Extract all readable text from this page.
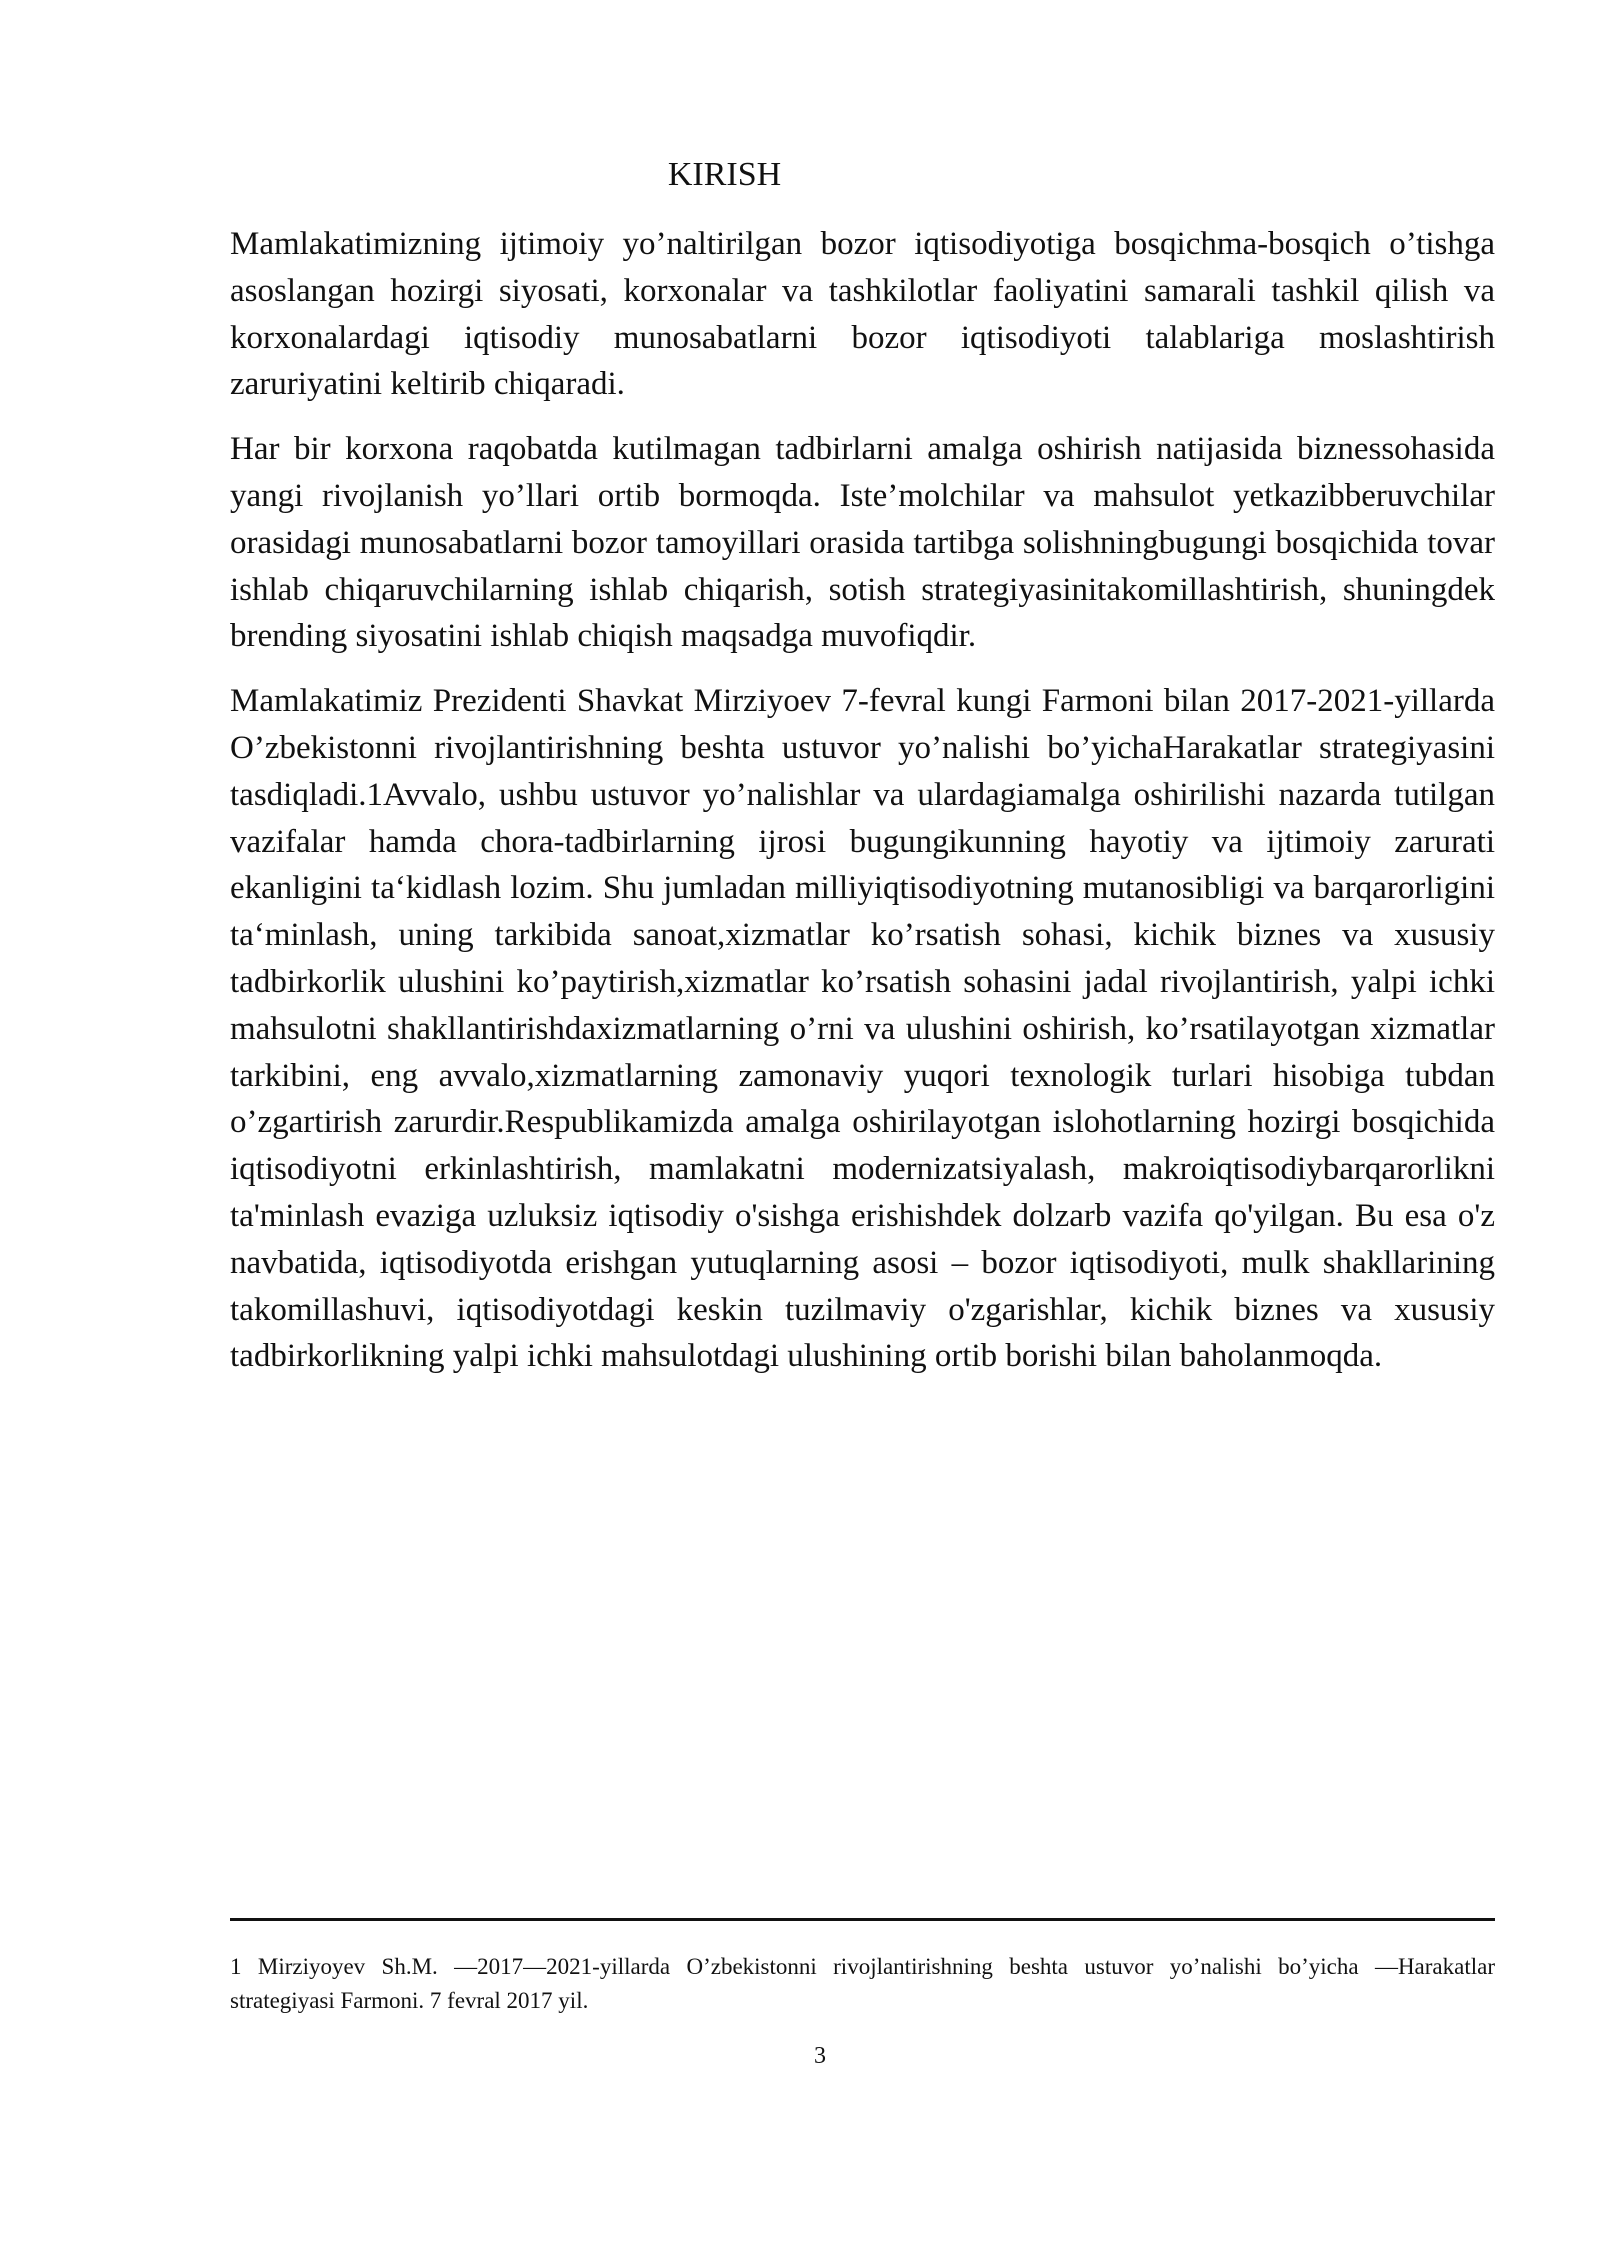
KIRISH

Mamlakatimizning ijtimoiy yo’naltirilgan bozor iqtisodiyotiga bosqichma-bosqich o’tishga asoslangan hozirgi siyosati, korxonalar va tashkilotlar faoliyatini samarali tashkil qilish va korxonalardagi iqtisodiy munosabatlarni bozor iqtisodiyoti talablariga moslashtirish zaruriyatini keltirib chiqaradi.

Har bir korxona raqobatda kutilmagan tadbirlarni amalga oshirish natijasida biznessohasida yangi rivojlanish yo’llari ortib bormoqda. Iste’molchilar va mahsulot yetkazibberuvchilar orasidagi munosabatlarni bozor tamoyillari orasida tartibga solishningbugungi bosqichida tovar ishlab chiqaruvchilarning ishlab chiqarish, sotish strategiyasinitakomillashtirish, shuningdek brending siyosatini ishlab chiqish maqsadga muvofiqdir.

Mamlakatimiz Prezidenti Shavkat Mirziyoev 7-fevral kungi Farmoni bilan 2017-2021-yillarda O’zbekistonni rivojlantirishning beshta ustuvor yo’nalishi bo’yichaHarakatlar strategiyasini tasdiqladi.1Avvalo, ushbu ustuvor yo’nalishlar va ulardagiamalga oshirilishi nazarda tutilgan vazifalar hamda chora-tadbirlarning ijrosi bugungikunning hayotiy va ijtimoiy zarurati ekanligini ta‘kidlash lozim. Shu jumladan milliyiqtisodiyotning mutanosibligi va barqarorligini ta‘minlash, uning tarkibida sanoat,xizmatlar ko’rsatish sohasi, kichik biznes va xususiy tadbirkorlik ulushini ko’paytirish,xizmatlar ko’rsatish sohasini jadal rivojlantirish, yalpi ichki mahsulotni shakllantirishdaxizmatlarning o’rni va ulushini oshirish, ko’rsatilayotgan xizmatlar tarkibini, eng avvalo,xizmatlarning zamonaviy yuqori texnologik turlari hisobiga tubdan o’zgartirish zarurdir.Respublikamizda amalga oshirilayotgan islohotlarning hozirgi bosqichida iqtisodiyotni erkinlashtirish, mamlakatni modernizatsiyalash, makroiqtisodiybarqarorlikni ta'minlash evaziga uzluksiz iqtisodiy o'sishga erishishdek dolzarb vazifa qo'yilgan. Bu esa o'z navbatida, iqtisodiyotda erishgan yutuqlarning asosi – bozor iqtisodiyoti, mulk shakllarining takomillashuvi, iqtisodiyotdagi keskin tuzilmaviy o'zgarishlar, kichik biznes va xususiy tadbirkorlikning yalpi ichki mahsulotdagi ulushining ortib borishi bilan baholanmoqda.

1 Mirziyoyev Sh.M. ―2017―2021-yillarda O’zbekistonni rivojlantirishning beshta ustuvor yo’nalishi bo’yicha ―Harakatlar strategiyasi Farmoni. 7 fevral 2017 yil.

3
